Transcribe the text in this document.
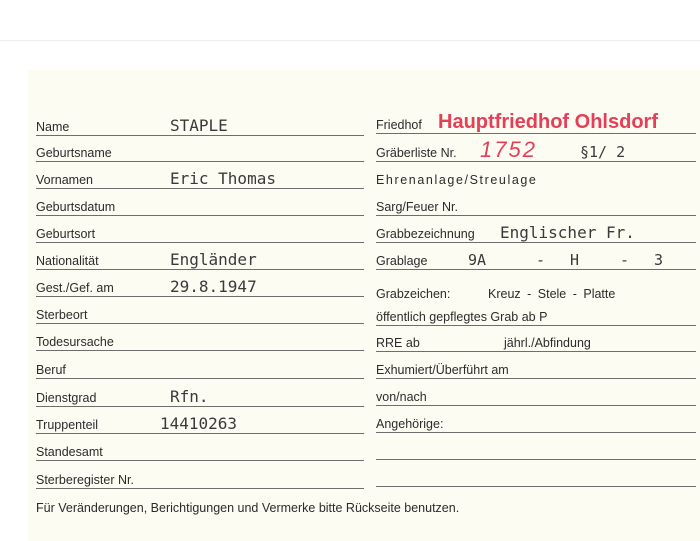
Name	STAPLE
Geburtsname
Vornamen	Eric Thomas
Geburtsdatum
Geburtsort
Nationalität	Engländer
Gest./Gef. am	29.8.1947
Sterbeort
Todesursache
Beruf
Dienstgrad	Rfn.
Truppenteil	14410263
Standesamt
Sterberegister Nr.
Friedhof Hauptfriedhof Ohlsdorf
Gräberliste Nr. 1752	§1/ 2
Ehrenanlage/Streulage
Sarg/Feuer Nr.
Grabbezeichnung Englischer Fr.
Grablage	9A	- H	- 3
Grabzeichen:	Kreuz - Stele - Platte
öffentlich gepflegtes Grab ab P
RRE ab	jährl./Abfindung
Exhumiert/Überführt am
von/nach
Angehörige:
Für Veränderungen, Berichtigungen und Vermerke bitte Rückseite benutzen.
